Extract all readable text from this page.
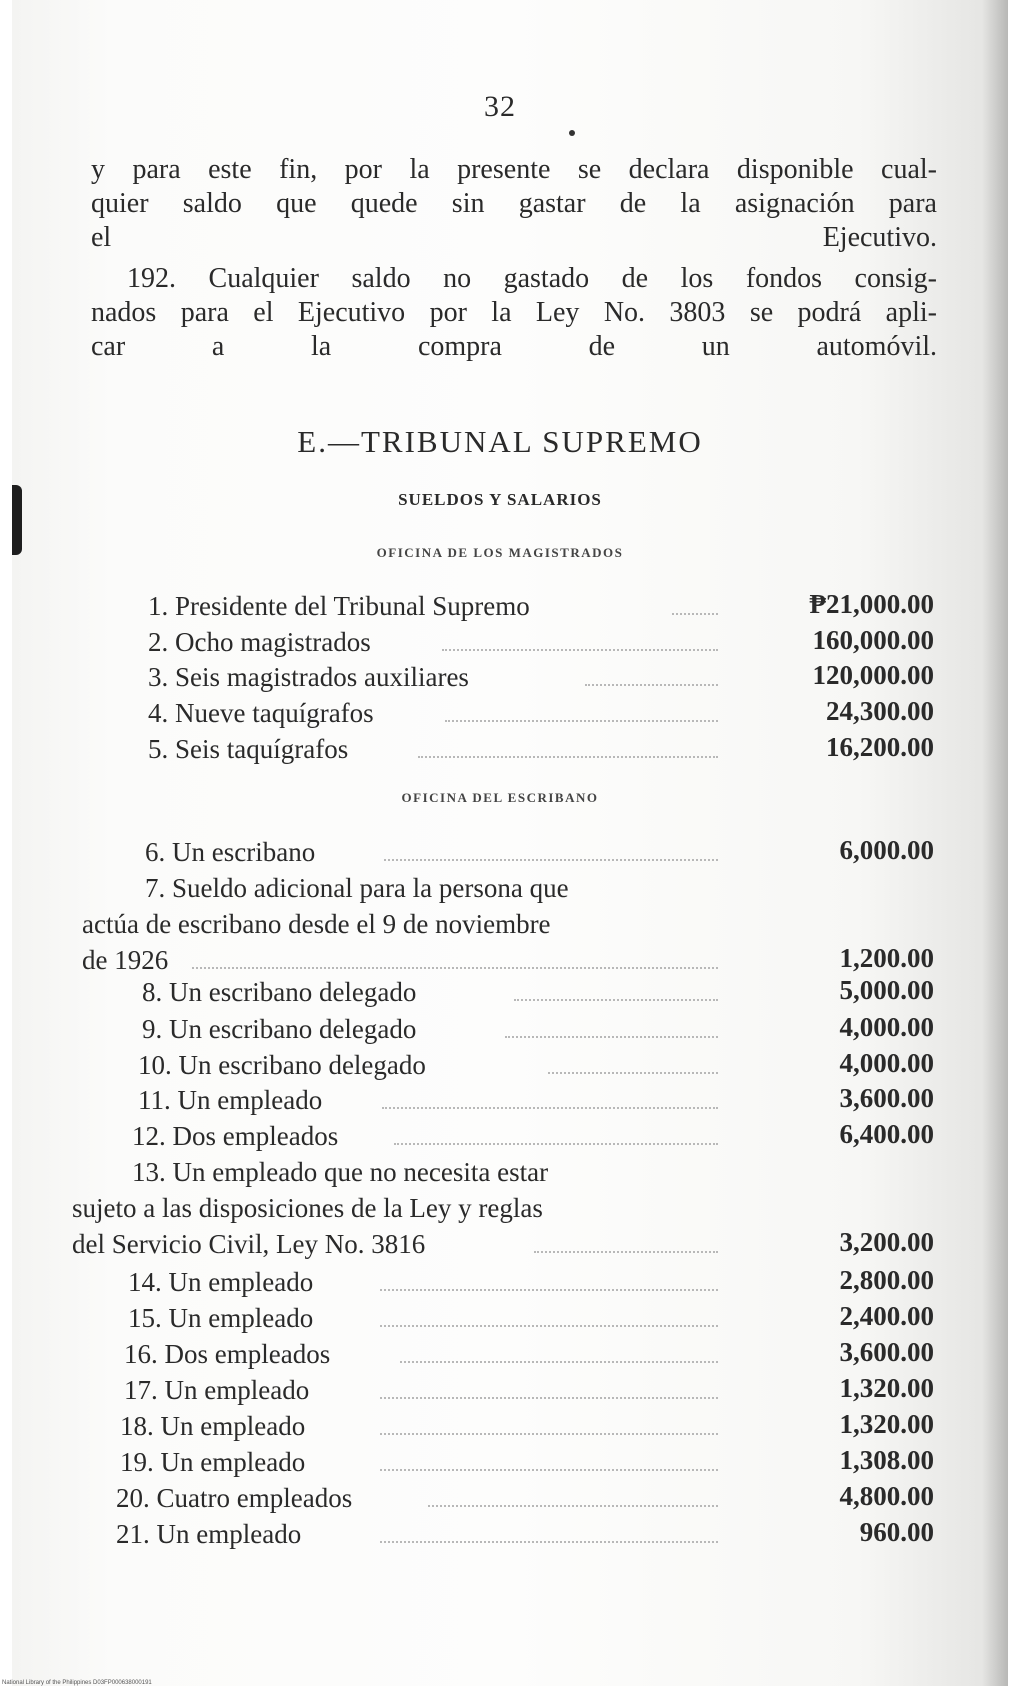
32
y para este fin, por la presente se declara disponible cual-
quier saldo que quede sin gastar de la asignación para
el Ejecutivo.
192. Cualquier saldo no gastado de los fondos consig-
nados para el Ejecutivo por la Ley No. 3803 se podrá apli-
car a la compra de un automóvil.
E.—TRIBUNAL SUPREMO
SUELDOS Y SALARIOS
OFICINA DE LOS MAGISTRADOS
OFICINA DEL ESCRIBANO
1. Presidente del Tribunal Supremo	₱21,000.00
2. Ocho magistrados	160,000.00
3. Seis magistrados auxiliares	120,000.00
4. Nueve taquígrafos	24,300.00
5. Seis taquígrafos	16,200.00
6. Un escribano	6,000.00
7. Sueldo adicional para la persona que
actúa de escribano desde el 9 de noviembre
de 1926	1,200.00
8. Un escribano delegado	5,000.00
9. Un escribano delegado	4,000.00
10. Un escribano delegado	4,000.00
11. Un empleado	3,600.00
12. Dos empleados	6,400.00
13. Un empleado que no necesita estar
sujeto a las disposiciones de la Ley y reglas
del Servicio Civil, Ley No. 3816	3,200.00
14. Un empleado	2,800.00
15. Un empleado	2,400.00
16. Dos empleados	3,600.00
17. Un empleado	1,320.00
18. Un empleado	1,320.00
19. Un empleado	1,308.00
20. Cuatro empleados	4,800.00
21. Un empleado	960.00
National Library of the Philippines D03FP000638000191
